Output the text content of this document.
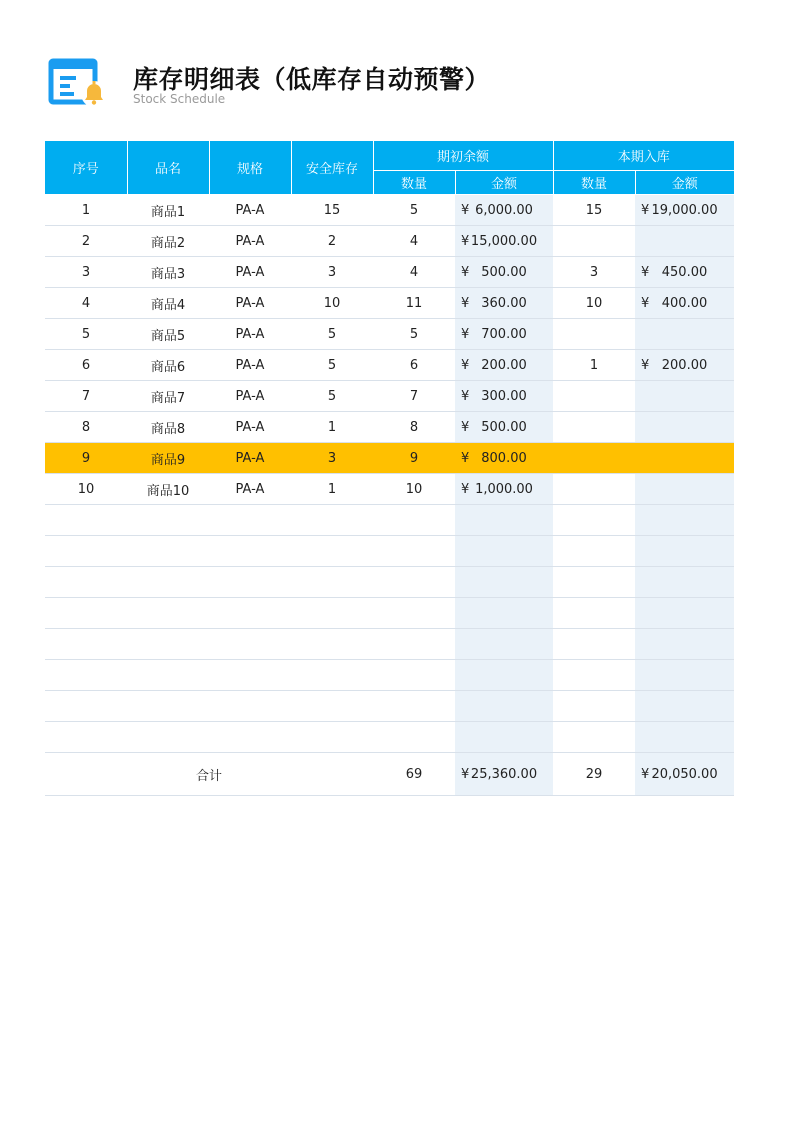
库存明细表（低库存自动预警）
Stock Schedule
序号	品名	规格	安全库存	期初余额		本期入库	
				数量	金额	数量	金额
1	商品1	PA-A	15	5	¥ 6,000.00	15	¥ 19,000.00
2	商品2	PA-A	2	4	¥ 15,000.00		
3	商品3	PA-A	3	4	¥ 500.00	3	¥ 450.00
4	商品4	PA-A	10	11	¥ 360.00	10	¥ 400.00
5	商品5	PA-A	5	5	¥ 700.00		
6	商品6	PA-A	5	6	¥ 200.00	1	¥ 200.00
7	商品7	PA-A	5	7	¥ 300.00		
8	商品8	PA-A	1	8	¥ 500.00		
9	商品9	PA-A	3	9	¥ 800.00		
10	商品10	PA-A	1	10	¥ 1,000.00		

合计				69	¥ 25,360.00	29	¥ 20,050.00
